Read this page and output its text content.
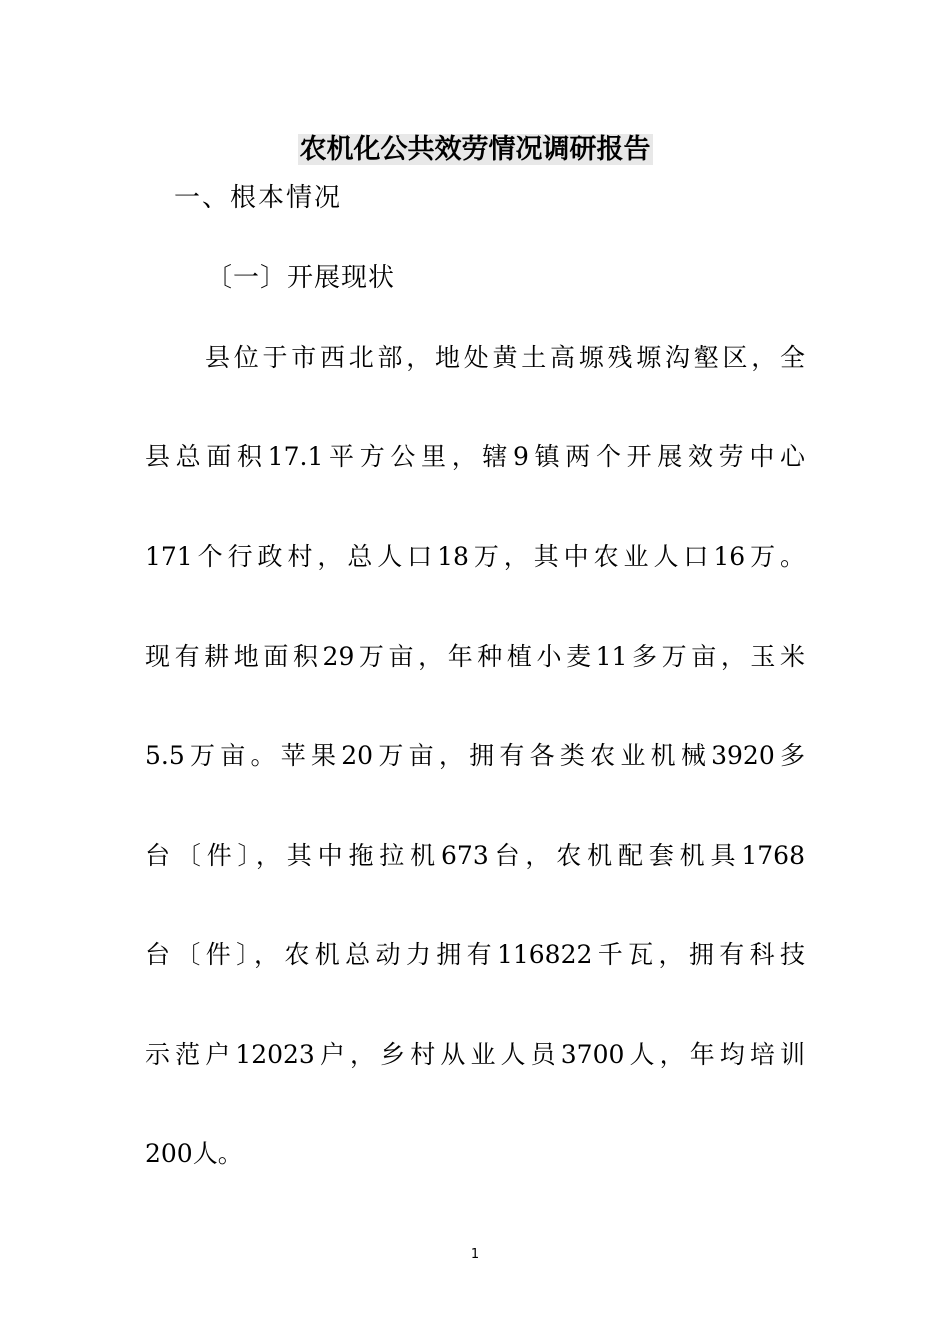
农机化公共效劳情况调研报告
一、根本情况
〔一〕开展现状
县位于市西北部，地处黄土高塬残塬沟壑区，全
县总面积17.1平方公里，辖9镇两个开展效劳中心
171个行政村，总人口18万，其中农业人口16万。
现有耕地面积29万亩，年种植小麦11多万亩，玉米
5.5万亩。苹果20万亩，拥有各类农业机械3920多
台〔件〕，其中拖拉机673台，农机配套机具1768
台〔件〕，农机总动力拥有116822千瓦，拥有科技
示范户12023户，乡村从业人员3700人，年均培训
200人。
1
